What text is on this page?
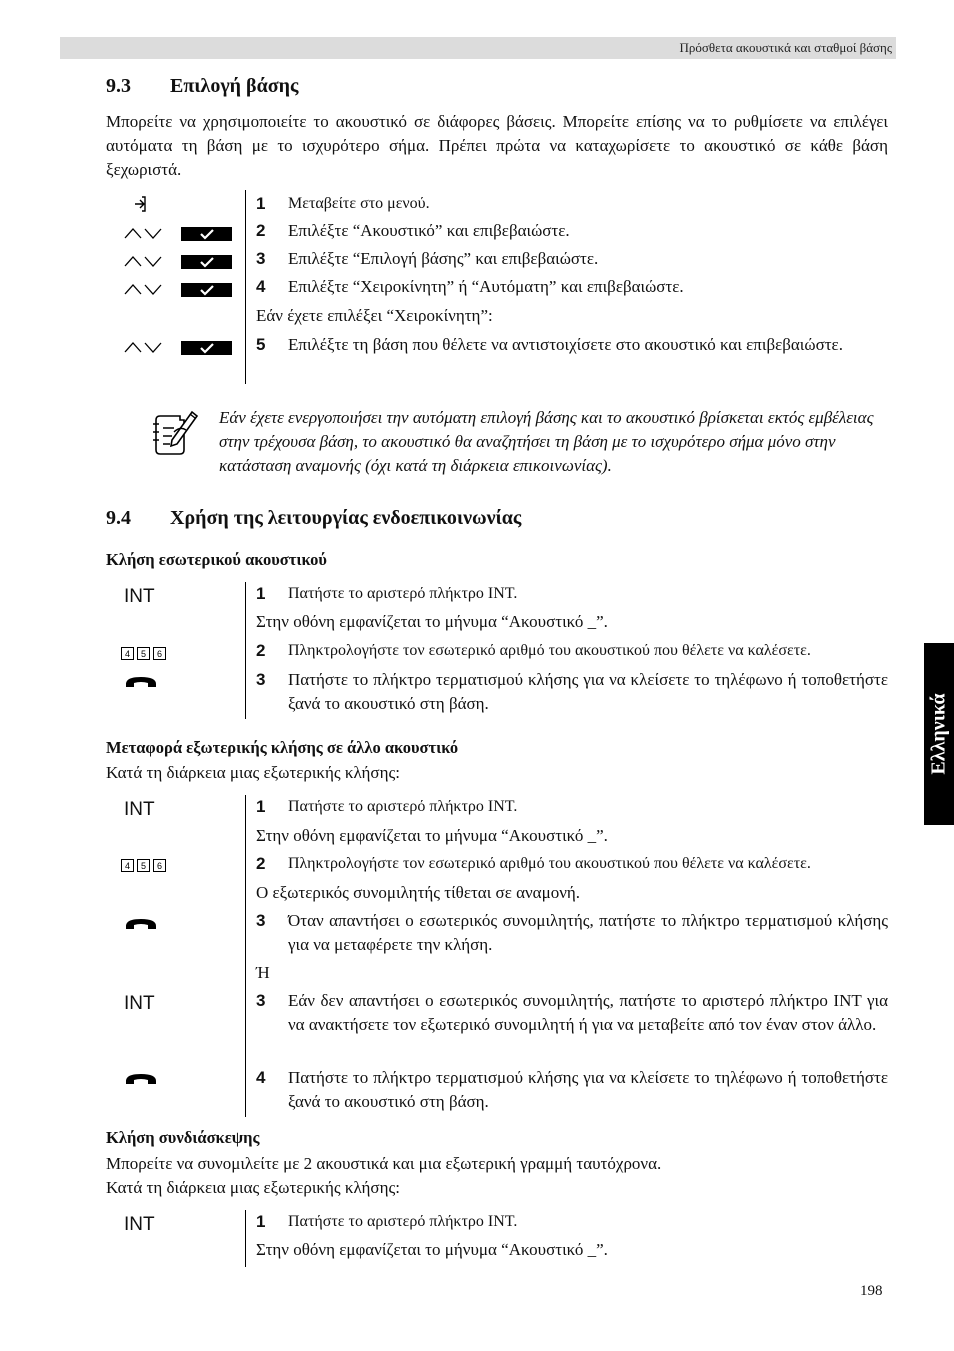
Πρόσθετα ακουστικά και σταθμοί βάσης
Ελληνικά
9.3 Επιλογή βάσης
Μπορείτε να χρησιμοποιείτε το ακουστικό σε διάφορες βάσεις. Μπορείτε επίσης να το ρυθμίσετε να επιλέγει αυτόματα τη βάση με το ισχυρότερο σήμα. Πρέπει πρώτα να καταχωρίσετε το ακουστικό σε κάθε βάση ξεχωριστά.
1 Μεταβείτε στο μενού.
2 Επιλέξτε “Ακουστικό” και επιβεβαιώστε.
3 Επιλέξτε “Επιλογή βάσης” και επιβεβαιώστε.
4 Επιλέξτε “Χειροκίνητη” ή “Αυτόματη” και επιβεβαιώστε.
Εάν έχετε επιλέξει “Χειροκίνητη”:
5 Επιλέξτε τη βάση που θέλετε να αντιστοιχίσετε στο ακουστικό και επιβεβαιώστε.
Εάν έχετε ενεργοποιήσει την αυτόματη επιλογή βάσης και το ακουστικό βρίσκεται εκτός εμβέλειας στην τρέχουσα βάση, το ακουστικό θα αναζητήσει τη βάση με το ισχυρότερο σήμα μόνο στην κατάσταση αναμονής (όχι κατά τη διάρκεια επικοινωνίας).
9.4 Χρήση της λειτουργίας ενδοεπικοινωνίας
Κλήση εσωτερικού ακουστικού
INT	1 Πατήστε το αριστερό πλήκτρο INT.
Στην οθόνη εμφανίζεται το μήνυμα “Ακουστικό _”.
4 5 6	2 Πληκτρολογήστε τον εσωτερικό αριθμό του ακουστικού που θέλετε να καλέσετε.
3 Πατήστε το πλήκτρο τερματισμού κλήσης για να κλείσετε το τηλέφωνο ή τοποθετήστε ξανά το ακουστικό στη βάση.
Μεταφορά εξωτερικής κλήσης σε άλλο ακουστικό
Κατά τη διάρκεια μιας εξωτερικής κλήσης:
INT	1 Πατήστε το αριστερό πλήκτρο INT.
Στην οθόνη εμφανίζεται το μήνυμα “Ακουστικό _”.
4 5 6	2 Πληκτρολογήστε τον εσωτερικό αριθμό του ακουστικού που θέλετε να καλέσετε.
Ο εξωτερικός συνομιλητής τίθεται σε αναμονή.
3 Όταν απαντήσει ο εσωτερικός συνομιλητής, πατήστε το πλήκτρο τερματισμού κλήσης για να μεταφέρετε την κλήση.
Ή
INT	3 Εάν δεν απαντήσει ο εσωτερικός συνομιλητής, πατήστε το αριστερό πλήκτρο INT για να ανακτήσετε τον εξωτερικό συνομιλητή ή για να μεταβείτε από τον έναν στον άλλο.
4 Πατήστε το πλήκτρο τερματισμού κλήσης για να κλείσετε το τηλέφωνο ή τοποθετήστε ξανά το ακουστικό στη βάση.
Κλήση συνδιάσκεψης
Μπορείτε να συνομιλείτε με 2 ακουστικά και μια εξωτερική γραμμή ταυτόχρονα.
Κατά τη διάρκεια μιας εξωτερικής κλήσης:
INT	1 Πατήστε το αριστερό πλήκτρο INT.
Στην οθόνη εμφανίζεται το μήνυμα “Ακουστικό _”.
198
